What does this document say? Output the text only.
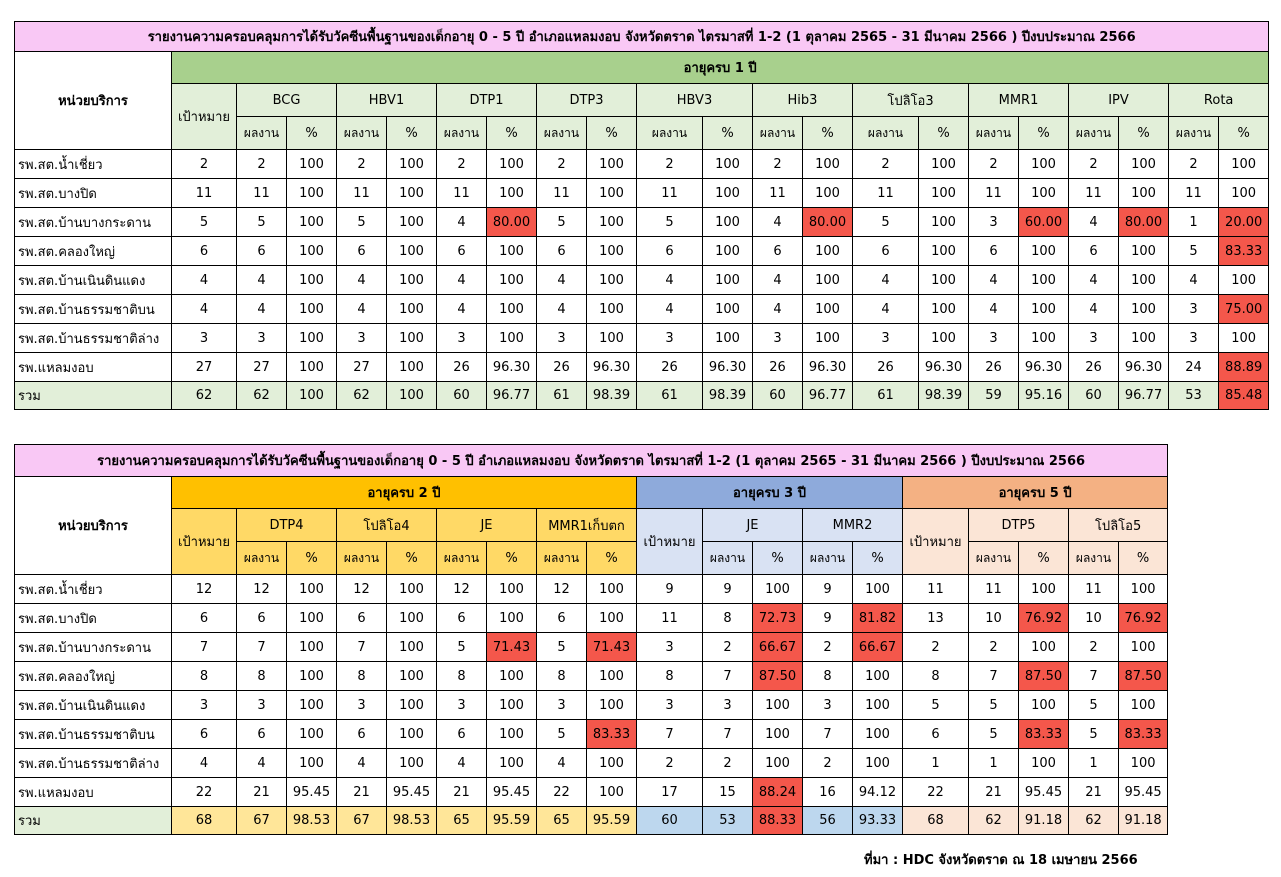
รายงานความครอบคลุมการได้รับวัคซีนพื้นฐานของเด็กอายุ 0 - 5 ปี อำเภอแหลมงอบ จังหวัดตราด ไตรมาสที่ 1-2 (1 ตุลาคม 2565 - 31 มีนาคม 2566 ) ปีงบประมาณ 2566																					
หน่วยบริการ	อายุครบ 1 ปี																				
	เป้าหมาย	BCG		HBV1		DTP1		DTP3		HBV3		Hib3		โปลิโอ3		MMR1		IPV		Rota	
		ผลงาน	%	ผลงาน	%	ผลงาน	%	ผลงาน	%	ผลงาน	%	ผลงาน	%	ผลงาน	%	ผลงาน	%	ผลงาน	%	ผลงาน	%
รพ.สต.น้ำเชี่ยว	2	2	100	2	100	2	100	2	100	2	100	2	100	2	100	2	100	2	100	2	100
รพ.สต.บางปิด	11	11	100	11	100	11	100	11	100	11	100	11	100	11	100	11	100	11	100	11	100
รพ.สต.บ้านบางกระดาน	5	5	100	5	100	4	80.00	5	100	5	100	4	80.00	5	100	3	60.00	4	80.00	1	20.00
รพ.สต.คลองใหญ่	6	6	100	6	100	6	100	6	100	6	100	6	100	6	100	6	100	6	100	5	83.33
รพ.สต.บ้านเนินดินแดง	4	4	100	4	100	4	100	4	100	4	100	4	100	4	100	4	100	4	100	4	100
รพ.สต.บ้านธรรมชาติบน	4	4	100	4	100	4	100	4	100	4	100	4	100	4	100	4	100	4	100	3	75.00
รพ.สต.บ้านธรรมชาติล่าง	3	3	100	3	100	3	100	3	100	3	100	3	100	3	100	3	100	3	100	3	100
รพ.แหลมงอบ	27	27	100	27	100	26	96.30	26	96.30	26	96.30	26	96.30	26	96.30	26	96.30	26	96.30	24	88.89
รวม	62	62	100	62	100	60	96.77	61	98.39	61	98.39	60	96.77	61	98.39	59	95.16	60	96.77	53	85.48
รายงานความครอบคลุมการได้รับวัคซีนพื้นฐานของเด็กอายุ 0 - 5 ปี อำเภอแหลมงอบ จังหวัดตราด ไตรมาสที่ 1-2 (1 ตุลาคม 2565 - 31 มีนาคม 2566 ) ปีงบประมาณ 2566																			
หน่วยบริการ	อายุครบ 2 ปี									อายุครบ 3 ปี					อายุครบ 5 ปี				
	เป้าหมาย	DTP4		โปลิโอ4		JE		MMR1เก็บตก		เป้าหมาย	JE		MMR2		เป้าหมาย	DTP5		โปลิโอ5	
		ผลงาน	%	ผลงาน	%	ผลงาน	%	ผลงาน	%		ผลงาน	%	ผลงาน	%		ผลงาน	%	ผลงาน	%
รพ.สต.น้ำเชี่ยว	12	12	100	12	100	12	100	12	100	9	9	100	9	100	11	11	100	11	100
รพ.สต.บางปิด	6	6	100	6	100	6	100	6	100	11	8	72.73	9	81.82	13	10	76.92	10	76.92
รพ.สต.บ้านบางกระดาน	7	7	100	7	100	5	71.43	5	71.43	3	2	66.67	2	66.67	2	2	100	2	100
รพ.สต.คลองใหญ่	8	8	100	8	100	8	100	8	100	8	7	87.50	8	100	8	7	87.50	7	87.50
รพ.สต.บ้านเนินดินแดง	3	3	100	3	100	3	100	3	100	3	3	100	3	100	5	5	100	5	100
รพ.สต.บ้านธรรมชาติบน	6	6	100	6	100	6	100	5	83.33	7	7	100	7	100	6	5	83.33	5	83.33
รพ.สต.บ้านธรรมชาติล่าง	4	4	100	4	100	4	100	4	100	2	2	100	2	100	1	1	100	1	100
รพ.แหลมงอบ	22	21	95.45	21	95.45	21	95.45	22	100	17	15	88.24	16	94.12	22	21	95.45	21	95.45
รวม	68	67	98.53	67	98.53	65	95.59	65	95.59	60	53	88.33	56	93.33	68	62	91.18	62	91.18
ที่มา : HDC จังหวัดตราด ณ 18 เมษายน 2566
